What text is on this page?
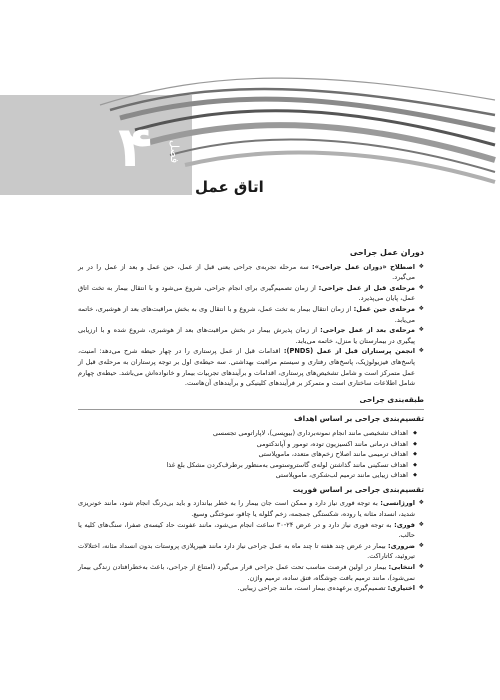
۴ فصل
اتاق عمل
دوران عمل جراحی
❖ اصطلاح «دوران عمل جراحی»: سه مرحله تجربه‌ی جراحی یعنی قبل از عمل، حین عمل و بعد از عمل را در بر می‌گیرد.
❖ مرحله‌ی قبل از عمل جراحی: از زمان تصمیم‌گیری برای انجام جراحی، شروع می‌شود و با انتقال بیمار به تخت اتاق عمل، پایان می‌پذیرد.
❖ مرحله‌ی حین عمل: از زمان انتقال بیمار به تخت عمل، شروع و با انتقال وی به بخش مراقبت‌های بعد از هوشبری، خاتمه می‌یابد.
❖ مرحله‌ی بعد از عمل جراحی: از زمان پذیرش بیمار در بخش مراقبت‌های بعد از هوشبری، شروع شده و با ارزیابی پیگیری در بیمارستان یا منزل، خاتمه می‌یابد.
❖ انجمن پرستاران قبل از عمل (PNDS): اقدامات قبل از عمل پرستاری را در چهار حیطه شرح می‌دهد: امنیت، پاسخ‌های فیزیولوژیک، پاسخ‌های رفتاری و سیستم مراقبت بهداشتی. سه حیطه‌ی اول بر توجه پرستاران به مرحله‌ی قبل از عمل متمرکز است و شامل تشخیص‌های پرستاری، اقدامات و برآیندهای تجربیات بیمار و خانواده‌اش می‌باشد. حیطه‌ی چهارم شامل اطلاعات ساختاری است و متمرکز بر فرآیندهای کلینیکی و برآیندهای آن‌هاست.
طبقه‌بندی جراحی
تقسیم‌بندی جراحی بر اساس اهداف
◆ اهداف تشخیصی مانند انجام نمونه‌برداری (بیوپسی)، لاپاراتومی تجسسی
◆ اهداف درمانی مانند اکسیزیون توده، تومور و آپاندکتومی
◆ اهداف ترمیمی مانند اصلاح زخم‌های متعدد، ماموپلاستی
◆ اهداف تسکینی مانند گذاشتن لوله‌ی گاستروستومی به‌منظور برطرف‌کردن مشکل بلع غذا
◆ اهداف زیبایی مانند ترمیم لب‌شکری، ماموپلاستی
تقسیم‌بندی جراحی بر اساس فوریت
❖ اورژانسی: به توجه فوری نیاز دارد و ممکن است جان بیمار را به خطر بیاندازد و باید بی‌درنگ انجام شود، مانند خونریزی شدید، انسداد مثانه یا روده، شکستگی جمجمه، زخم گلوله یا چاقو، سوختگی وسیع.
❖ فوری: به توجه فوری نیاز دارد و در عرض ۲۴-۳۰ ساعت انجام می‌شود، مانند عفونت حاد کیسه‌ی صفرا، سنگ‌های کلیه یا حالب.
❖ ضروری: بیمار در عرض چند هفته تا چند ماه به عمل جراحی نیاز دارد مانند هیپرپلازی پروستات بدون انسداد مثانه، اختلالات تیروئید، کاتاراکت.
❖ انتخابی: بیمار در اولین فرصت مناسب تحت عمل جراحی قرار می‌گیرد (امتناع از جراحی، باعث به‌خطرافتادن زندگی بیمار نمی‌شود)، مانند ترمیم بافت جوشگاه، فتق ساده، ترمیم واژن.
❖ اختیاری: تصمیم‌گیری برعهده‌ی بیمار است، مانند جراحی زیبایی.
